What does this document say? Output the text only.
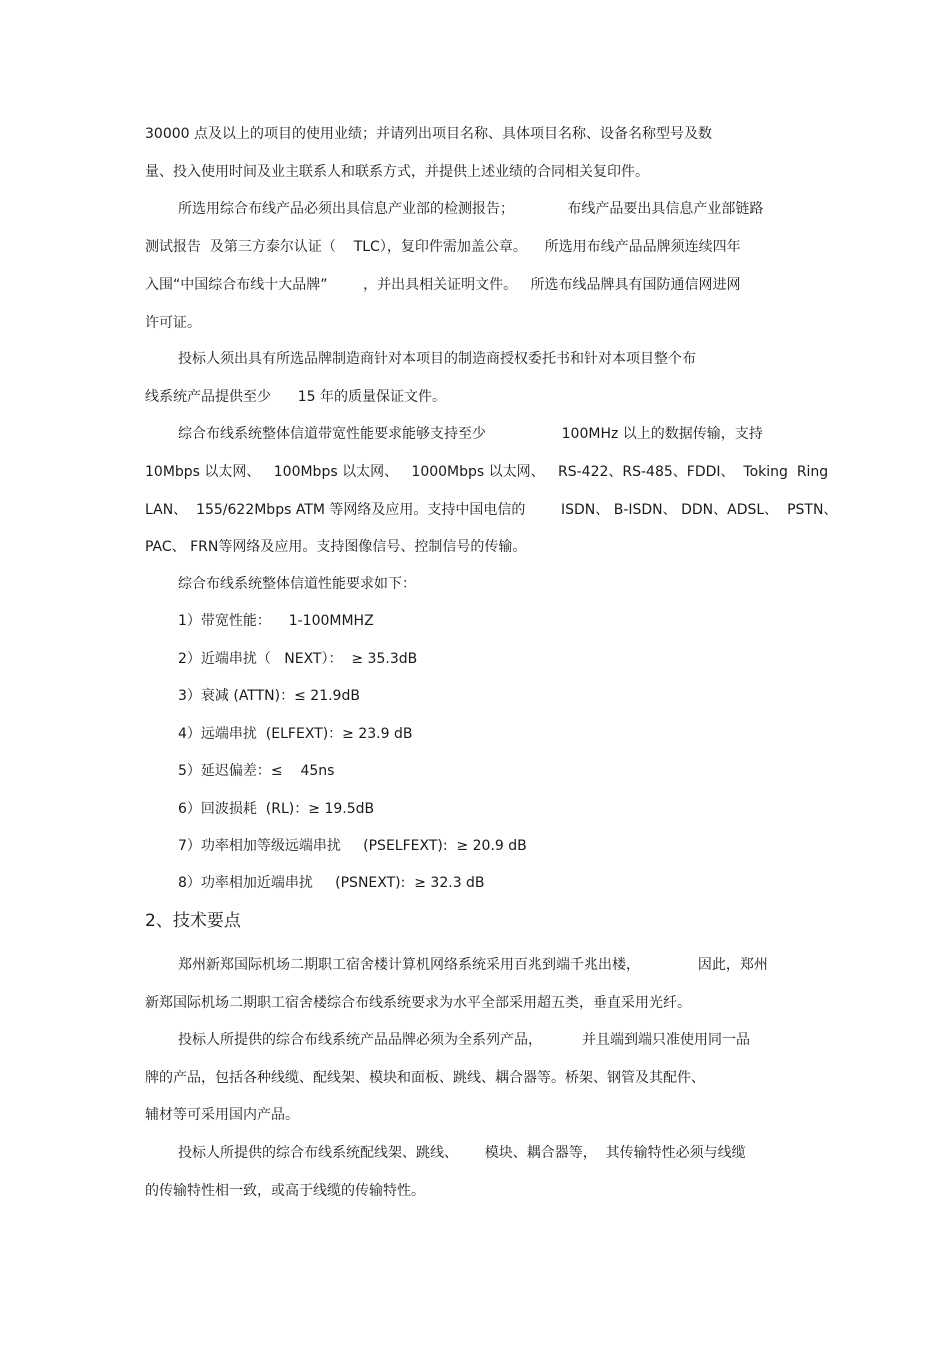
30000 点及以上的项目的使用业绩；并请列出项目名称、具体项目名称、设备名称型号及数

量、投入使用时间及业主联系人和联系方式，并提供上述业绩的合同相关复印件。

所选用综合布线产品必须出具信息产业部的检测报告；            布线产品要出具信息产业部链路

测试报告  及第三方泰尔认证（    TLC），复印件需加盖公章。    所选用布线产品品牌须连续四年

入围“中国综合布线十大品牌”        ，并出具相关证明文件。   所选布线品牌具有国防通信网进网

许可证。

投标人须出具有所选品牌制造商针对本项目的制造商授权委托书和针对本项目整个布

线系统产品提供至少      15 年的质量保证文件。

综合布线系统整体信道带宽性能要求能够支持至少                 100MHz 以上的数据传输，支持

10Mbps 以太网、   100Mbps 以太网、   1000Mbps 以太网、   RS-422、RS-485、FDDI、  Toking  Ring

LAN、  155/622Mbps ATM 等网络及应用。支持中国电信的        ISDN、 B-ISDN、 DDN、ADSL、  PSTN、

PAC、 FRN等网络及应用。支持图像信号、控制信号的传输。

综合布线系统整体信道性能要求如下：

1）带宽性能：    1-100MMHZ

2）近端串扰（   NEXT）：  ≥ 35.3dB

3）衰减 (ATTN)：≤ 21.9dB

4）远端串扰  (ELFEXT)：≥ 23.9 dB

5）延迟偏差：≤    45ns

6）回波损耗  (RL)：≥ 19.5dB

7）功率相加等级远端串扰     (PSELFEXT):  ≥ 20.9 dB

8）功率相加近端串扰     (PSNEXT):  ≥ 32.3 dB

2、技术要点

郑州新郑国际机场二期职工宿舍楼计算机网络系统采用百兆到端千兆出楼，             因此，郑州

新郑国际机场二期职工宿舍楼综合布线系统要求为水平全部采用超五类，垂直采用光纤。

投标人所提供的综合布线系统产品品牌必须为全系列产品，         并且端到端只准使用同一品

牌的产品，包括各种线缆、配线架、模块和面板、跳线、耦合器等。桥架、钢管及其配件、

辅材等可采用国内产品。

投标人所提供的综合布线系统配线架、跳线、      模块、耦合器等，  其传输特性必须与线缆

的传输特性相一致，或高于线缆的传输特性。
